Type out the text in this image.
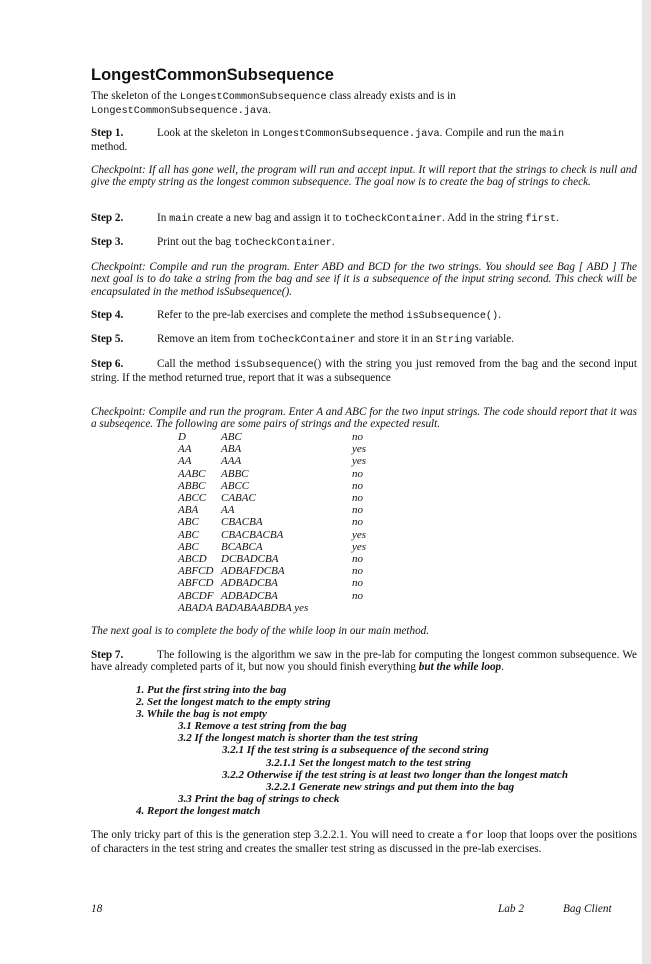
LongestCommonSubsequence

The skeleton of the LongestCommonSubsequence class already exists and is in
LongestCommonSubsequence.java.

Step 1.	Look at the skeleton in LongestCommonSubsequence.java. Compile and run the main
method.

Checkpoint: If all has gone well, the program will run and accept input. It will report that the strings to check is null and give the empty string as the longest common subsequence. The goal now is to create the bag of strings to check.

Step 2.	In main create a new bag and assign it to toCheckContainer. Add in the string first.

Step 3.	Print out the bag toCheckContainer.

Checkpoint: Compile and run the program. Enter ABD and BCD for the two strings. You should see Bag [ ABD ] The next goal is to do take a string from the bag and see if it is a subsequence of the input string second. This check will be encapsulated in the method isSubsequence().

Step 4.	Refer to the pre-lab exercises and complete the method isSubsequence().

Step 5.	Remove an item from toCheckContainer and store it in an String variable.

Step 6.	Call the method isSubsequence() with the string you just removed from the bag and the second input string. If the method returned true, report that it was a subsequence

Checkpoint: Compile and run the program. Enter A and ABC for the two input strings. The code should report that it was a subseqence. The following are some pairs of strings and the expected result.

D	ABC	no
AA	ABA	yes
AA	AAA	yes
AABC	ABBC	no
ABBC	ABCC	no
ABCC	CABAC	no
ABA	AA	no
ABC	CBACBA	no
ABC	CBACBACBA	yes
ABC	BCABCA	yes
ABCD	DCBADCBA	no
ABFCD	ADBAFDCBA	no
ABFCD	ADBADCBA	no
ABCDF	ADBADCBA	no
ABADA BADABAABDBA yes

The next goal is to complete the body of the while loop in our main method.

Step 7.	The following is the algorithm we saw in the pre-lab for computing the longest common subsequence. We have already completed parts of it, but now you should finish everything but the while loop.

1. Put the first string into the bag
2. Set the longest match to the empty string
3. While the bag is not empty
3.1 Remove a test string from the bag
3.2 If the longest match is shorter than the test string
3.2.1 If the test string is a subsequence of the second string
3.2.1.1 Set the longest match to the test string
3.2.2 Otherwise if the test string is at least two longer than the longest match
3.2.2.1 Generate new strings and put them into the bag
3.3 Print the bag of strings to check
4. Report the longest match

The only tricky part of this is the generation step 3.2.2.1. You will need to create a for loop that loops over the positions of characters in the test string and creates the smaller test string as discussed in the pre-lab exercises.

18	Lab 2	Bag Client
